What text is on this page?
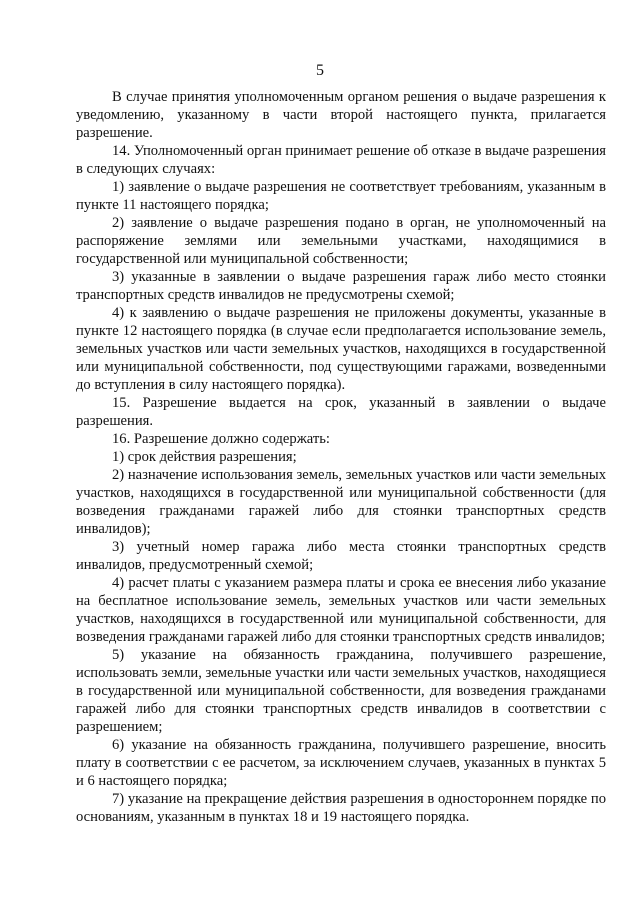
5

В случае принятия уполномоченным органом решения о выдаче разрешения к уведомлению, указанному в части второй настоящего пункта, прилагается разрешение.

14. Уполномоченный орган принимает решение об отказе в выдаче разрешения в следующих случаях:

1) заявление о выдаче разрешения не соответствует требованиям, указанным в пункте 11 настоящего порядка;

2) заявление о выдаче разрешения подано в орган, не уполномоченный на распоряжение землями или земельными участками, находящимися в государственной или муниципальной собственности;

3) указанные в заявлении о выдаче разрешения гараж либо место стоянки транспортных средств инвалидов не предусмотрены схемой;

4) к заявлению о выдаче разрешения не приложены документы, указанные в пункте 12 настоящего порядка (в случае если предполагается использование земель, земельных участков или части земельных участков, находящихся в государственной или муниципальной собственности, под существующими гаражами, возведенными до вступления в силу настоящего порядка).

15. Разрешение выдается на срок, указанный в заявлении о выдаче разрешения.

16. Разрешение должно содержать:

1) срок действия разрешения;

2) назначение использования земель, земельных участков или части земельных участков, находящихся в государственной или муниципальной собственности (для возведения гражданами гаражей либо для стоянки транспортных средств инвалидов);

3) учетный номер гаража либо места стоянки транспортных средств инвалидов, предусмотренный схемой;

4) расчет платы с указанием размера платы и срока ее внесения либо указание на бесплатное использование земель, земельных участков или части земельных участков, находящихся в государственной или муниципальной собственности, для возведения гражданами гаражей либо для стоянки транспортных средств инвалидов;

5) указание на обязанность гражданина, получившего разрешение, использовать земли, земельные участки или части земельных участков, находящиеся в государственной или муниципальной собственности, для возведения гражданами гаражей либо для стоянки транспортных средств инвалидов в соответствии с разрешением;

6) указание на обязанность гражданина, получившего разрешение, вносить плату в соответствии с ее расчетом, за исключением случаев, указанных в пунктах 5 и 6 настоящего порядка;

7) указание на прекращение действия разрешения в одностороннем порядке по основаниям, указанным в пунктах 18 и 19 настоящего порядка.
